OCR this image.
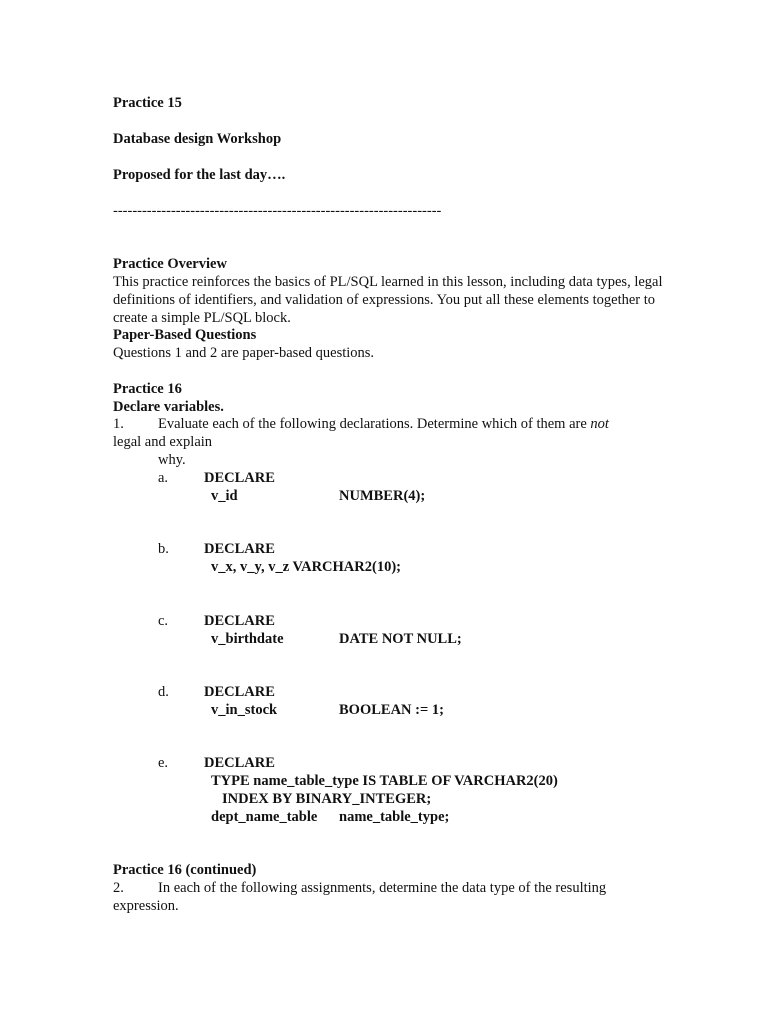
Practice 15
Database design Workshop
Proposed for the last day….
--------------------------------------------------------------------
Practice Overview
This practice reinforces the basics of PL/SQL learned in this lesson, including data types, legal definitions of identifiers, and validation of expressions. You put all these elements together to create a simple PL/SQL block.
Paper-Based Questions
Questions 1 and 2 are paper-based questions.
Practice 16
Declare variables.
1. Evaluate each of the following declarations. Determine which of them are not
legal and explain
why.
a. DECLARE
v_id	NUMBER(4);
b. DECLARE
v_x, v_y, v_z VARCHAR2(10);
c. DECLARE
v_birthdate	DATE NOT NULL;
d. DECLARE
v_in_stock	BOOLEAN := 1;
e. DECLARE
TYPE name_table_type IS TABLE OF VARCHAR2(20)
INDEX BY BINARY_INTEGER;
dept_name_table name_table_type;
Practice 16 (continued)
2. In each of the following assignments, determine the data type of the resulting
expression.
